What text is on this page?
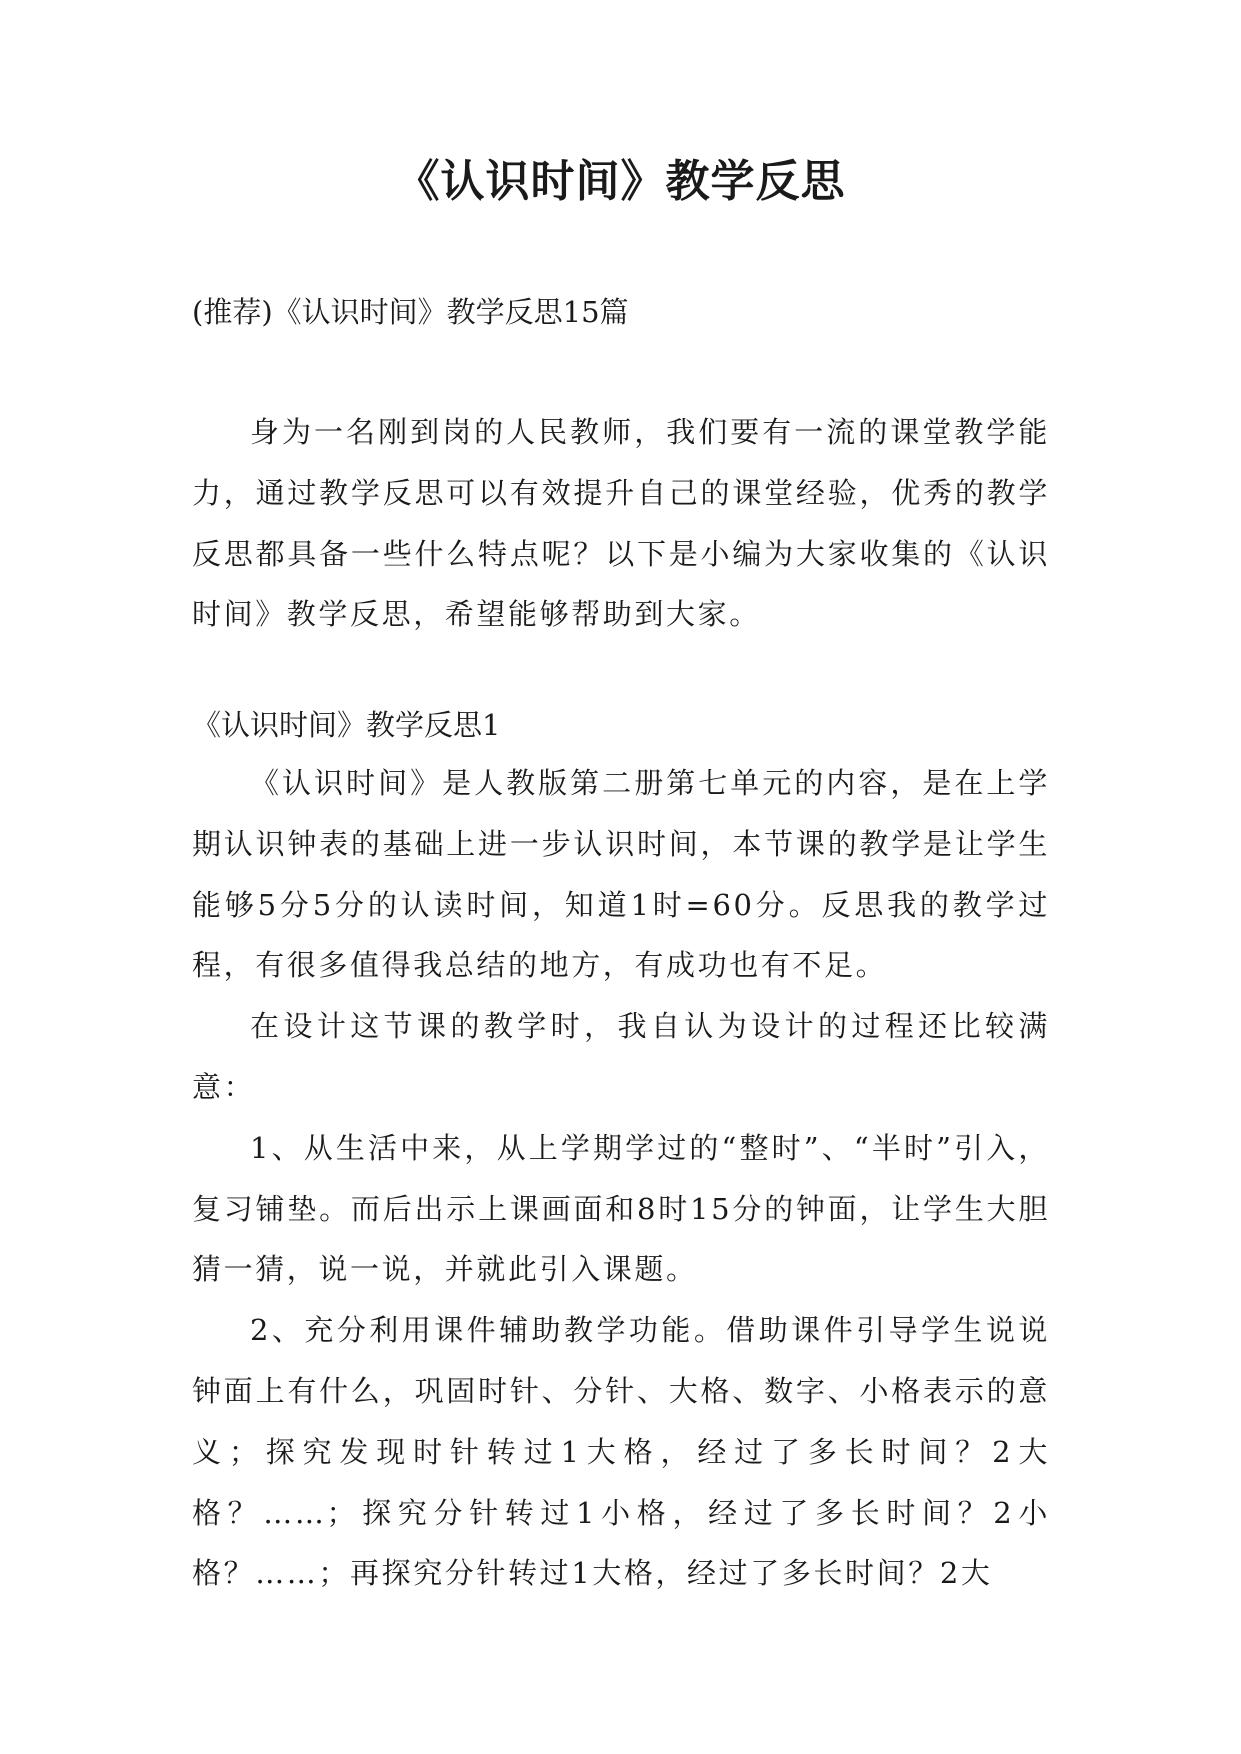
《认识时间》教学反思

(推荐)《认识时间》教学反思15篇

身为一名刚到岗的人民教师，我们要有一流的课堂教学能力，通过教学反思可以有效提升自己的课堂经验，优秀的教学反思都具备一些什么特点呢？以下是小编为大家收集的《认识时间》教学反思，希望能够帮助到大家。

《认识时间》教学反思1

《认识时间》是人教版第二册第七单元的内容，是在上学期认识钟表的基础上进一步认识时间，本节课的教学是让学生能够5分5分的认读时间，知道1时=60分。反思我的教学过程，有很多值得我总结的地方，有成功也有不足。

在设计这节课的教学时，我自认为设计的过程还比较满意：

1、从生活中来，从上学期学过的“整时”、“半时”引入，复习铺垫。而后出示上课画面和8时15分的钟面，让学生大胆猜一猜，说一说，并就此引入课题。

2、充分利用课件辅助教学功能。借助课件引导学生说说钟面上有什么，巩固时针、分针、大格、数字、小格表示的意义；探究发现时针转过1大格，经过了多长时间？2大格？……；探究分针转过1小格，经过了多长时间？2小格？……；再探究分针转过1大格，经过了多长时间？2大
